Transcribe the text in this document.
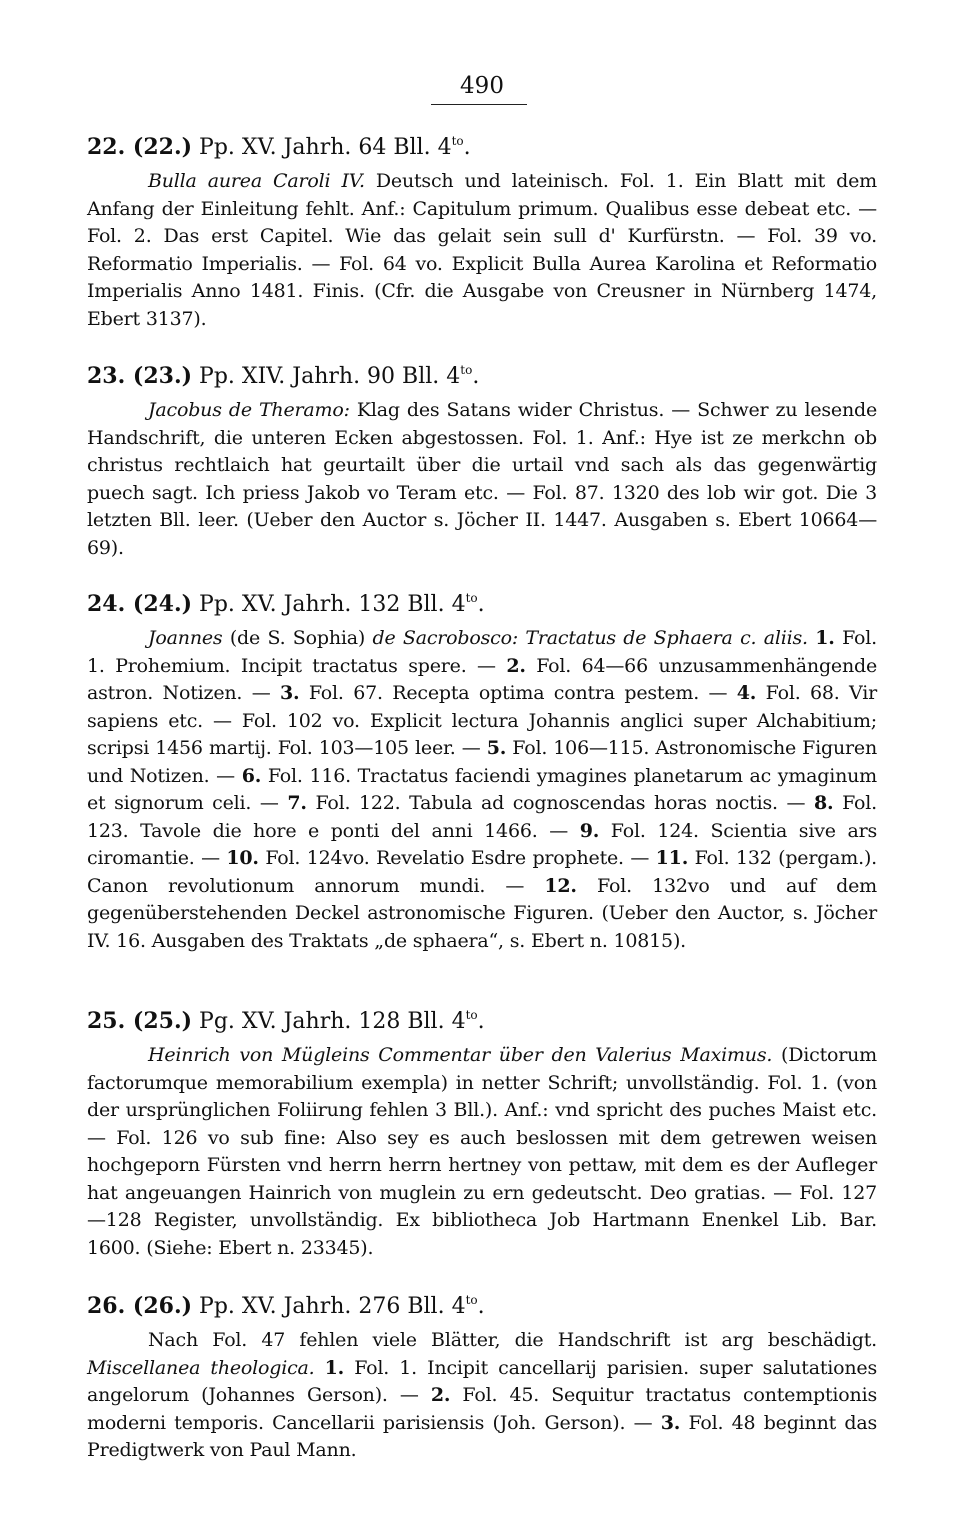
490
22. (22.) Pp. XV. Jahrh. 64 Bll. $4^{to}$.
Bulla aurea Caroli IV. Deutsch und lateinisch. Fol. 1. Ein Blatt mit dem Anfang der Einleitung fehlt. Anf.: Capitulum primum. Qualibus esse debeat etc. — Fol. 2. Das erst Capitel. Wie das gelait sein sull d' Kurfürstn. — Fol. 39 vo. Reformatio Imperialis. — Fol. 64 vo. Explicit Bulla Aurea Karolina et Reformatio Imperialis Anno 1481. Finis. (Cfr. die Ausgabe von Creusner in Nürnberg 1474, Ebert 3137).
23. (23.) Pp. XIV. Jahrh. 90 Bll. $4^{to}$.
Jacobus de Theramo: Klag des Satans wider Christus. — Schwer zu lesende Handschrift, die unteren Ecken abgestossen. Fol. 1. Anf.: Hye ist ze merkchn ob christus rechtlaich hat geurtailt über die urtail vnd sach als das gegenwärtig puech sagt. Ich priess Jakob vo Teram etc. — Fol. 87. 1320 des lob wir got. Die 3 letzten Bll. leer. (Ueber den Auctor s. Jöcher II. 1447. Ausgaben s. Ebert 10664—69).
24. (24.) Pp. XV. Jahrh. 132 Bll. $4^{to}$.
Joannes (de S. Sophia) de Sacrobosco: Tractatus de Sphaera c. aliis. 1. Fol. 1. Prohemium. Incipit tractatus spere. — 2. Fol. 64—66 unzusammenhängende astron. Notizen. — 3. Fol. 67. Recepta optima contra pestem. — 4. Fol. 68. Vir sapiens etc. — Fol. 102 vo. Explicit lectura Johannis anglici super Alchabitium; scripsi 1456 martij. Fol. 103—105 leer. — 5. Fol. 106—115. Astronomische Figuren und Notizen. — 6. Fol. 116. Tractatus faciendi ymagines planetarum ac ymaginum et signorum celi. — 7. Fol. 122. Tabula ad cognoscendas horas noctis. — 8. Fol. 123. Tavole die hore e ponti del anni 1466. — 9. Fol. 124. Scientia sive ars ciromantie. — 10. Fol. 124vo. Revelatio Esdre prophete. — 11. Fol. 132 (pergam.). Canon revolutionum annorum mundi. — 12. Fol. 132vo und auf dem gegenüberstehenden Deckel astronomische Figuren. (Ueber den Auctor, s. Jöcher IV. 16. Ausgaben des Traktats „de sphaera“, s. Ebert n. 10815).
25. (25.) Pg. XV. Jahrh. 128 Bll. $4^{to}$.
Heinrich von Mügleins Commentar über den Valerius Maximus. (Dictorum factorumque memorabilium exempla) in netter Schrift; unvollständig. Fol. 1. (von der ursprünglichen Foliirung fehlen 3 Bll.). Anf.: vnd spricht des puches Maist etc. — Fol. 126 vo sub fine: Also sey es auch beslossen mit dem getrewen weisen hochgeporn Fürsten vnd herrn herrn hertney von pettaw, mit dem es der Aufleger hat angeuangen Hainrich von muglein zu ern gedeutscht. Deo gratias. — Fol. 127—128 Register, unvollständig. Ex bibliotheca Job Hartmann Enenkel Lib. Bar. 1600. (Siehe: Ebert n. 23345).
26. (26.) Pp. XV. Jahrh. 276 Bll. $4^{to}$.
Nach Fol. 47 fehlen viele Blätter, die Handschrift ist arg beschädigt. Miscellanea theologica. 1. Fol. 1. Incipit cancellarij parisien. super salutationes angelorum (Johannes Gerson). — 2. Fol. 45. Sequitur tractatus contemptionis moderni temporis. Cancellarii parisiensis (Joh. Gerson). — 3. Fol. 48 beginnt das Predigtwerk von Paul Mann.
